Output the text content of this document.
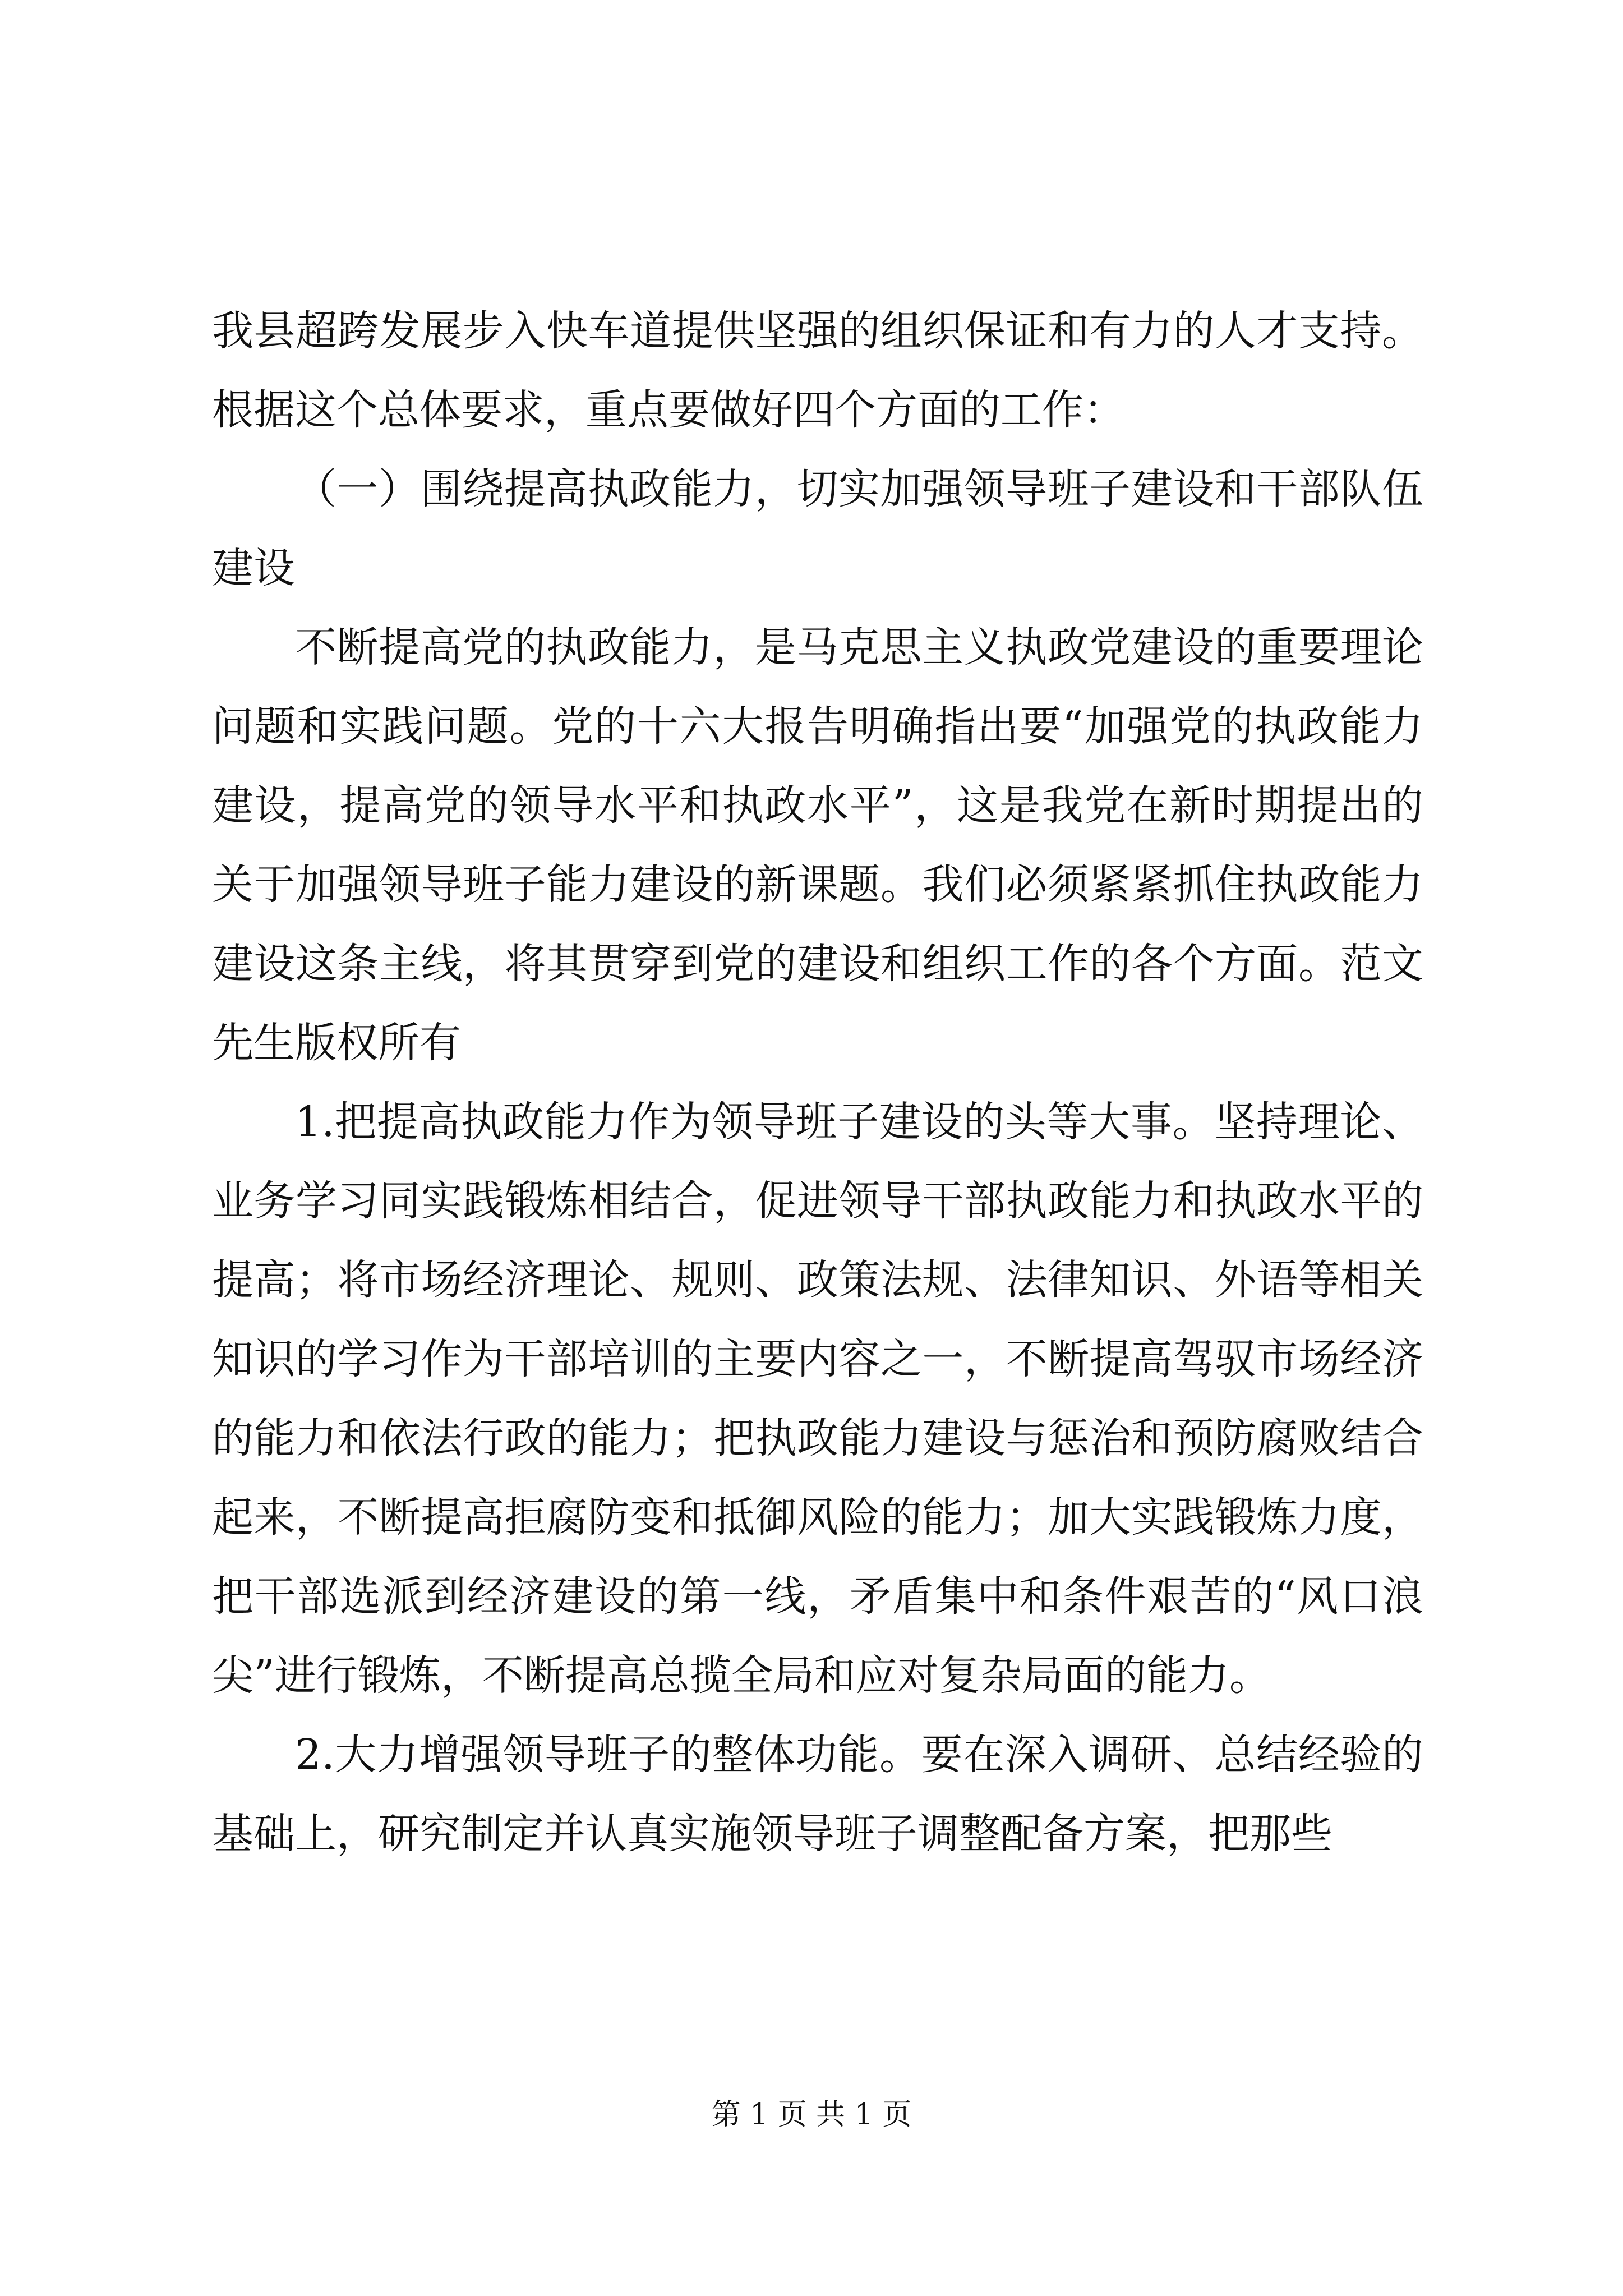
我县超跨发展步入快车道提供坚强的组织保证和有力的人才支持。根据这个总体要求，重点要做好四个方面的工作：

（一）围绕提高执政能力，切实加强领导班子建设和干部队伍建设

不断提高党的执政能力，是马克思主义执政党建设的重要理论问题和实践问题。党的十六大报告明确指出要“加强党的执政能力建设，提高党的领导水平和执政水平”，这是我党在新时期提出的关于加强领导班子能力建设的新课题。我们必须紧紧抓住执政能力建设这条主线，将其贯穿到党的建设和组织工作的各个方面。范文先生版权所有

1.把提高执政能力作为领导班子建设的头等大事。坚持理论、业务学习同实践锻炼相结合，促进领导干部执政能力和执政水平的提高；将市场经济理论、规则、政策法规、法律知识、外语等相关知识的学习作为干部培训的主要内容之一，不断提高驾驭市场经济的能力和依法行政的能力；把执政能力建设与惩治和预防腐败结合起来，不断提高拒腐防变和抵御风险的能力；加大实践锻炼力度，把干部选派到经济建设的第一线，矛盾集中和条件艰苦的“风口浪尖”进行锻炼，不断提高总揽全局和应对复杂局面的能力。

2.大力增强领导班子的整体功能。要在深入调研、总结经验的基础上，研究制定并认真实施领导班子调整配备方案，把那些

第 1 页 共 1 页
